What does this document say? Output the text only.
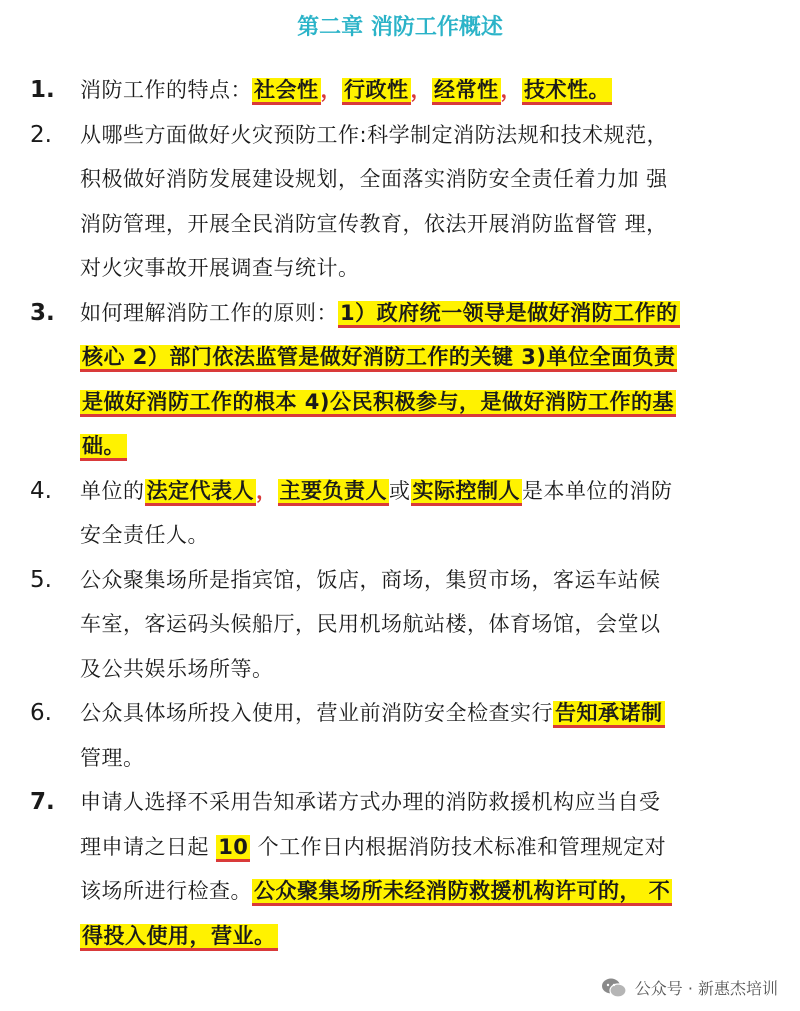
第二章 消防工作概述
1.	消防工作的特点：社会性，行政性，经常性，技术性。
2.	从哪些方面做好火灾预防工作:科学制定消防法规和技术规范， 积极做好消防发展建设规划，全面落实消防安全责任着力加 强消防管理，开展全民消防宣传教育，依法开展消防监督管 理，对火灾事故开展调查与统计。
3.	如何理解消防工作的原则：1）政府统一领导是做好消防工作的核心 2）部门依法监管是做好消防工作的关键 3)单位全面负责是做好消防工作的根本 4)公民积极参与，是做好消防工作的基础。
4.	单位的法定代表人，主要负责人或实际控制人是本单位的消防安全责任人。
5.	公众聚集场所是指宾馆，饭店，商场，集贸市场，客运车站候车室，客运码头候船厅，民用机场航站楼，体育场馆，会堂以及公共娱乐场所等。
6.	公众具体场所投入使用，营业前消防安全检查实行告知承诺制管理。
7.	申请人选择不采用告知承诺方式办理的消防救援机构应当自受理申请之日起 10 个工作日内根据消防技术标准和管理规定对该场所进行检查。公众聚集场所未经消防救援机构许可的， 不得投入使用，营业。
公众号 · 新惠杰培训
